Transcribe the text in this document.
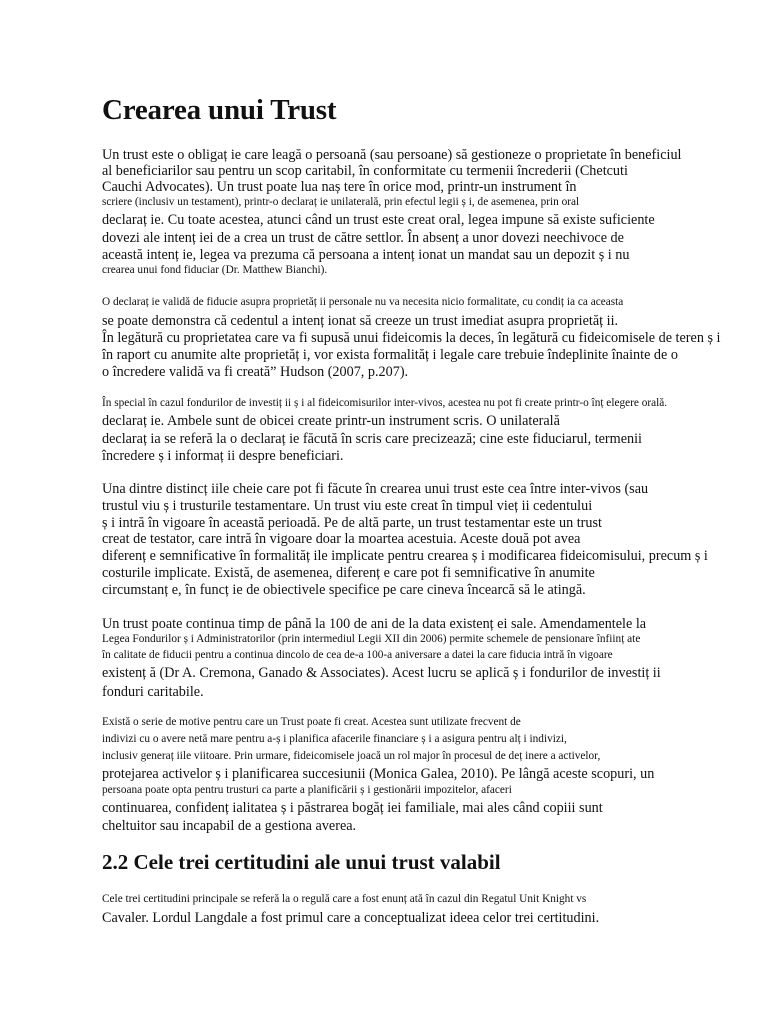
Crearea unui Trust

Un trust este o obligaț ie care leagă o persoană (sau persoane) să gestioneze o proprietate în beneficiul

al beneficiarilor sau pentru un scop caritabil, în conformitate cu termenii încrederii (Chetcuti

Cauchi Advocates). Un trust poate lua naș tere în orice mod, printr-un instrument în

scriere (inclusiv un testament), printr-o declaraț ie unilaterală, prin efectul legii ș i, de asemenea, prin oral

declaraț ie. Cu toate acestea, atunci când un trust este creat oral, legea impune să existe suficiente

dovezi ale intenț iei de a crea un trust de către settlor. În absenț a unor dovezi neechivoce de

această intenț ie, legea va prezuma că persoana a intenț ionat un mandat sau un depozit ș i nu

crearea unui fond fiduciar (Dr. Matthew Bianchi).

O declaraț ie validă de fiducie asupra proprietăț ii personale nu va necesita nicio formalitate, cu condiț ia ca aceasta

se poate demonstra că cedentul a intenț ionat să creeze un trust imediat asupra proprietăț ii.

În legătură cu proprietatea care va fi supusă unui fideicomis la deces, în legătură cu fideicomisele de teren ș i

în raport cu anumite alte proprietăț i, vor exista formalităț i legale care trebuie îndeplinite înainte de o

o încredere validă va fi creată” Hudson (2007, p.207).

În special în cazul fondurilor de investiț ii ș i al fideicomisurilor inter-vivos, acestea nu pot fi create printr-o înț elegere orală.

declaraț ie. Ambele sunt de obicei create printr-un instrument scris. O unilaterală

declaraț ia se referă la o declaraț ie făcută în scris care precizează; cine este fiduciarul, termenii

încredere ș i informaț ii despre beneficiari.

Una dintre distincț iile cheie care pot fi făcute în crearea unui trust este cea între inter-vivos (sau

trustul viu ș i trusturile testamentare. Un trust viu este creat în timpul vieț ii cedentului

ș i intră în vigoare în această perioadă. Pe de altă parte, un trust testamentar este un trust

creat de testator, care intră în vigoare doar la moartea acestuia. Aceste două pot avea

diferenț e semnificative în formalităț ile implicate pentru crearea ș i modificarea fideicomisului, precum ș i

costurile implicate. Există, de asemenea, diferenț e care pot fi semnificative în anumite

circumstanț e, în funcț ie de obiectivele specifice pe care cineva încearcă să le atingă.

Un trust poate continua timp de până la 100 de ani de la data existenț ei sale. Amendamentele la

Legea Fondurilor ș i Administratorilor (prin intermediul Legii XII din 2006) permite schemele de pensionare înființ ate

în calitate de fiducii pentru a continua dincolo de cea de-a 100-a aniversare a datei la care fiducia intră în vigoare

existenț ă (Dr A. Cremona, Ganado & Associates). Acest lucru se aplică ș i fondurilor de investiț ii

fonduri caritabile.

Există o serie de motive pentru care un Trust poate fi creat. Acestea sunt utilizate frecvent de

indivizi cu o avere netă mare pentru a-ș i planifica afacerile financiare ș i a asigura pentru alț i indivizi,

inclusiv generaț iile viitoare. Prin urmare, fideicomisele joacă un rol major în procesul de deț inere a activelor,

protejarea activelor ș i planificarea succesiunii (Monica Galea, 2010). Pe lângă aceste scopuri, un

persoana poate opta pentru trusturi ca parte a planificării ș i gestionării impozitelor, afaceri

continuarea, confidenț ialitatea ș i păstrarea bogăț iei familiale, mai ales când copiii sunt

cheltuitor sau incapabil de a gestiona averea.

2.2 Cele trei certitudini ale unui trust valabil

Cele trei certitudini principale se referă la o regulă care a fost enunț ată în cazul din Regatul Unit Knight vs

Cavaler. Lordul Langdale a fost primul care a conceptualizat ideea celor trei certitudini.
